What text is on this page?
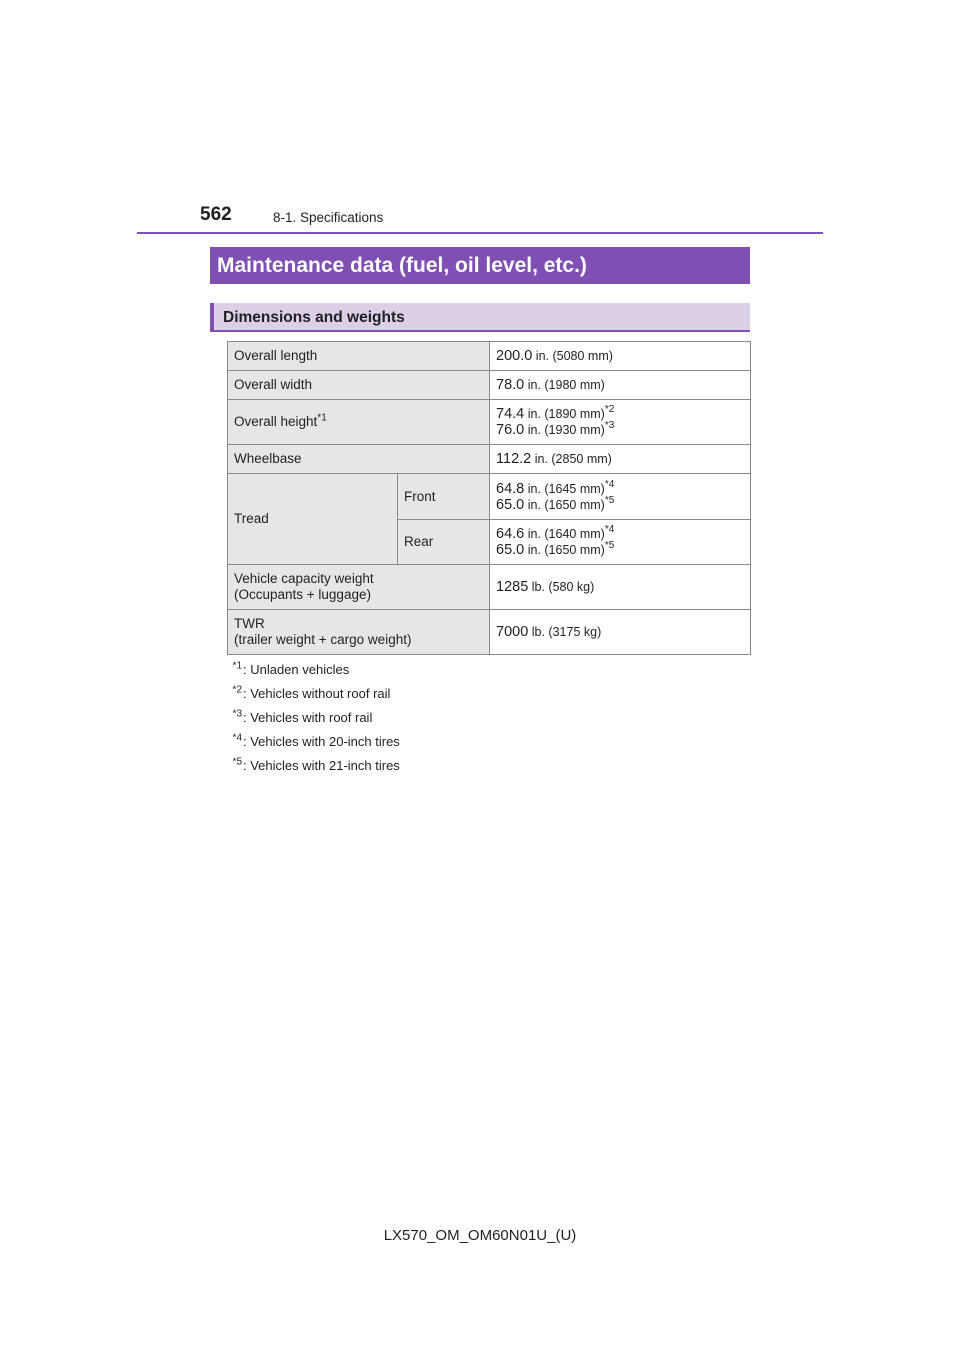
562	8-1. Specifications
Maintenance data (fuel, oil level, etc.)
Dimensions and weights
Overall length		200.0 in. (5080 mm)
Overall width		78.0 in. (1980 mm)
Overall height$^{*1}$		74.4 in. (1890 mm)$^{*2}$
76.0 in. (1930 mm)$^{*3}$

Wheelbase		112.2 in. (2850 mm)
Tread	Front	64.8 in. (1645 mm)$^{*4}$
65.0 in. (1650 mm)$^{*5}$

	Rear	64.6 in. (1640 mm)$^{*4}$
65.0 in. (1650 mm)$^{*5}$

Vehicle capacity weight
(Occupants + luggage)		1285 lb. (580 kg)

TWR
(trailer weight + cargo weight)		7000 lb. (3175 kg)
$^{*1}$ : Unladen vehicles
$^{*2}$ : Vehicles without roof rail
$^{*3}$ : Vehicles with roof rail
$^{*4}$ : Vehicles with 20-inch tires
$^{*5}$ : Vehicles with 21-inch tires
LX570_OM_OM60N01U_(U)
